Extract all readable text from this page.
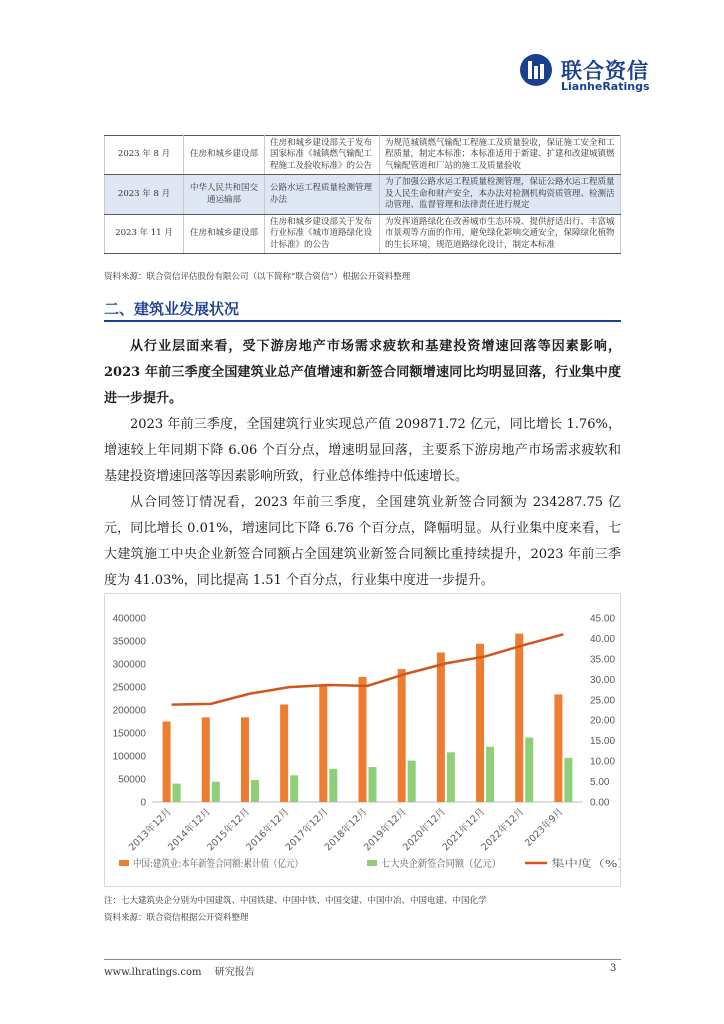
联合资信
LianheRatings
2023 年 8 月	住房和城乡建设部	住房和城乡建设部关于发布国家标准《城镇燃气输配工程施工及验收标准》的公告	为规范城镇燃气输配工程施工及质量验收，保证施工安全和工程质量，制定本标准；本标准适用于新建、扩建和改建城镇燃气输配管道和厂站的施工及质量验收
2023 年 8 月	中华人民共和国交通运输部	公路水运工程质量检测管理办法	为了加强公路水运工程质量检测管理，保证公路水运工程质量及人民生命和财产安全，本办法对检测机构资质管理、检测活动管理、监督管理和法律责任进行规定
2023 年 11 月	住房和城乡建设部	住房和城乡建设部关于发布行业标准《城市道路绿化设计标准》的公告	为发挥道路绿化在改善城市生态环境、提供舒适出行、丰富城市景观等方面的作用，避免绿化影响交通安全，保障绿化植物的生长环境，规范道路绿化设计，制定本标准
资料来源：联合资信评估股份有限公司（以下简称“联合资信”）根据公开资料整理
二、建筑业发展状况

从行业层面来看，受下游房地产市场需求疲软和基建投资增速回落等因素影响，2023 年前三季度全国建筑业总产值增速和新签合同额增速同比均明显回落，行业集中度进一步提升。

2023 年前三季度，全国建筑行业实现总产值 209871.72 亿元，同比增长 1.76%，增速较上年同期下降 6.06 个百分点，增速明显回落，主要系下游房地产市场需求疲软和基建投资增速回落等因素影响所致，行业总体维持中低速增长。

从合同签订情况看，2023 年前三季度，全国建筑业新签合同额为 234287.75 亿元，同比增长 0.01%，增速同比下降 6.76 个百分点，降幅明显。从行业集中度来看，七大建筑施工中央企业新签合同额占全国建筑业新签合同额比重持续提升，2023 年前三季度为 41.03%，同比提高 1.51 个百分点，行业集中度进一步提升。

0
50000
100000
150000
200000
250000
300000
350000
400000
0.00
5.00
10.00
15.00
20.00
25.00
30.00
35.00
40.00
45.00
2013年12月
2014年12月
2015年12月
2016年12月
2017年12月
2018年12月
2019年12月
2020年12月
2021年12月
2022年12月
2023年9月
中国:建筑业:本年新签合同额:累计值（亿元）	七大央企新签合同额（亿元）	集中度（%）
注：七大建筑央企分别为中国建筑、中国铁建、中国中铁、中国交建、中国中冶、中国电建、中国化学
资料来源：联合资信根据公开资料整理
www.lhratings.com 研究报告	3
